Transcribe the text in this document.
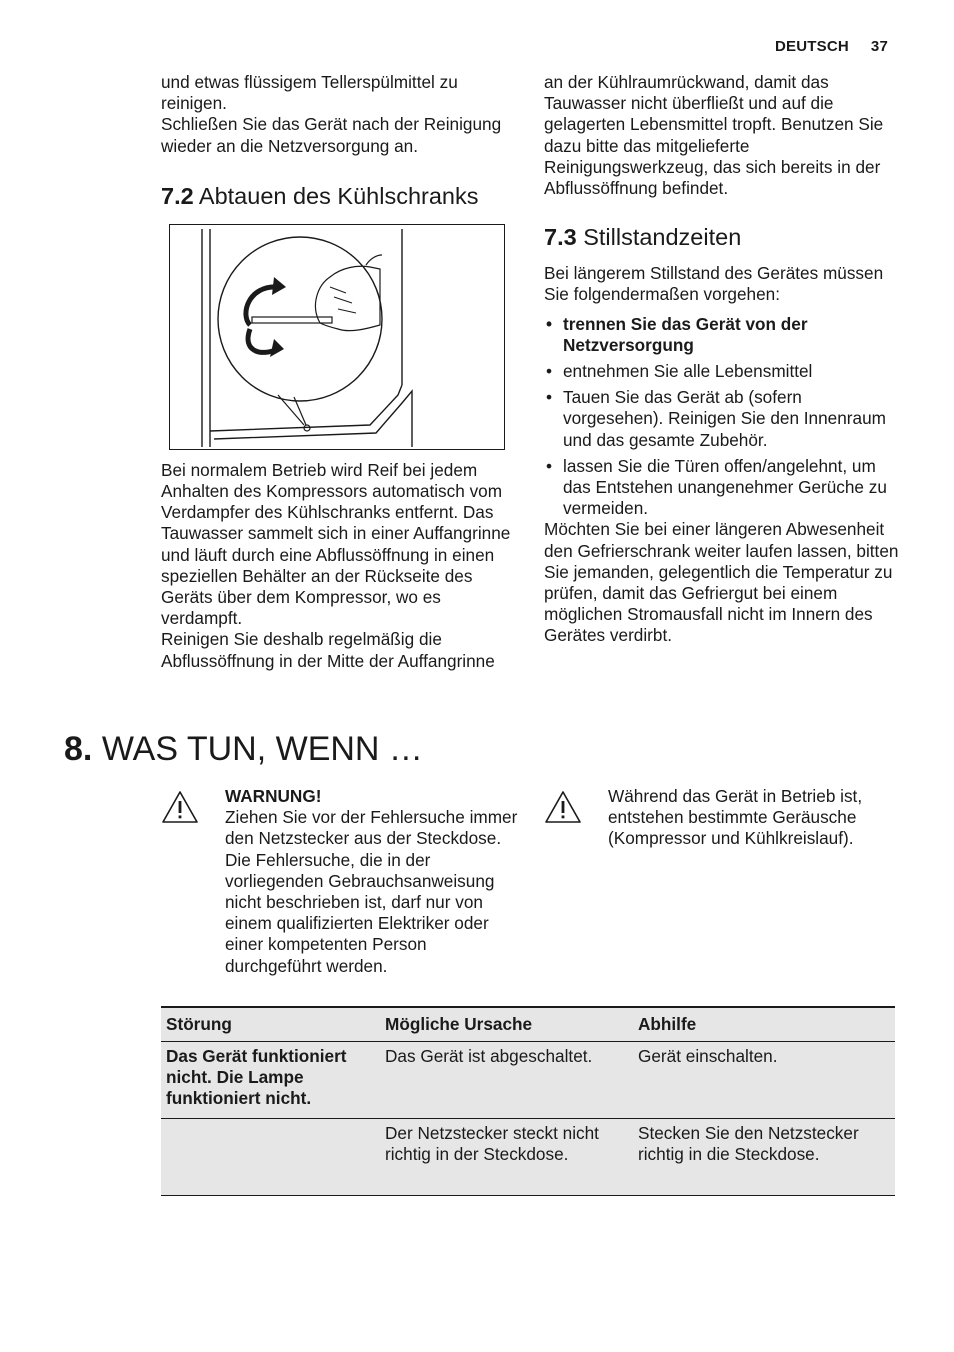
DEUTSCH 37

und etwas flüssigem Tellerspülmittel zu reinigen.

Schließen Sie das Gerät nach der Reinigung wieder an die Netzversorgung an.

7.2 Abtauen des Kühlschranks

Bei normalem Betrieb wird Reif bei jedem Anhalten des Kompressors automatisch vom Verdampfer des Kühlschranks entfernt. Das Tauwasser sammelt sich in einer Auffangrinne und läuft durch eine Abflussöffnung in einen speziellen Behälter an der Rückseite des Geräts über dem Kompressor, wo es verdampft.

Reinigen Sie deshalb regelmäßig die Abflussöffnung in der Mitte der Auffangrinne

an der Kühlraumrückwand, damit das Tauwasser nicht überfließt und auf die gelagerten Lebensmittel tropft. Benutzen Sie dazu bitte das mitgelieferte Reinigungswerkzeug, das sich bereits in der Abflussöffnung befindet.

7.3 Stillstandzeiten

Bei längerem Stillstand des Gerätes müssen Sie folgendermaßen vorgehen:

• trennen Sie das Gerät von der Netzversorgung
• entnehmen Sie alle Lebensmittel
• Tauen Sie das Gerät ab (sofern vorgesehen). Reinigen Sie den Innenraum und das gesamte Zubehör.
• lassen Sie die Türen offen/angelehnt, um das Entstehen unangenehmer Gerüche zu vermeiden.

Möchten Sie bei einer längeren Abwesenheit den Gefrierschrank weiter laufen lassen, bitten Sie jemanden, gelegentlich die Temperatur zu prüfen, damit das Gefriergut bei einem möglichen Stromausfall nicht im Innern des Gerätes verdirbt.

8. WAS TUN, WENN …
WARNUNG!
Ziehen Sie vor der Fehlersuche immer den Netzstecker aus der Steckdose.
Die Fehlersuche, die in der vorliegenden Gebrauchsanweisung nicht beschrieben ist, darf nur von einem qualifizierten Elektriker oder einer kompetenten Person durchgeführt werden.
Während das Gerät in Betrieb ist, entstehen bestimmte Geräusche (Kompressor und Kühlkreislauf).
Störung	Mögliche Ursache	Abhilfe
Das Gerät funktioniert nicht. Die Lampe funktioniert nicht.	Das Gerät ist abgeschaltet.	Gerät einschalten.
	Der Netzstecker steckt nicht richtig in der Steckdose.	Stecken Sie den Netzstecker richtig in die Steckdose.
